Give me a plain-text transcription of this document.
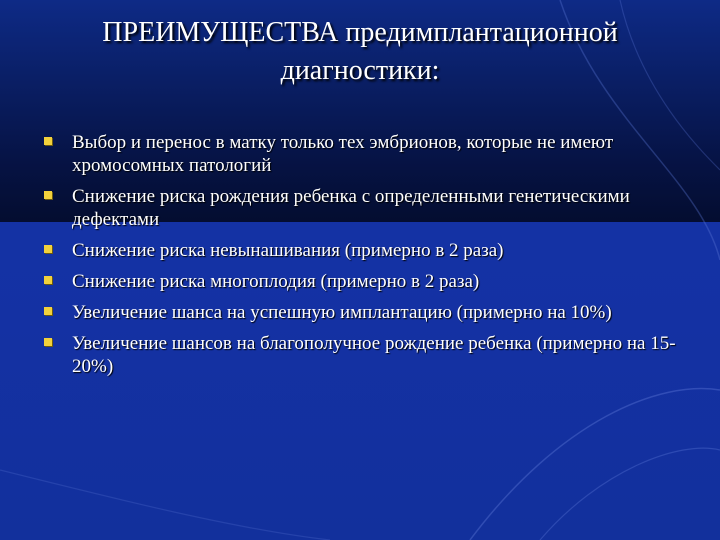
ПРЕИМУЩЕСТВА предимплантационной
диагностики:
Выбор и перенос в матку только тех эмбрионов, которые не имеют хромосомных патологий
Снижение риска рождения ребенка с определенными генетическими дефектами
Снижение риска невынашивания (примерно в 2 раза)
Снижение риска многоплодия (примерно в 2 раза)
Увеличение шанса на успешную имплантацию (примерно на 10%)
Увеличение шансов на благополучное рождение ребенка (примерно на 15-20%)
